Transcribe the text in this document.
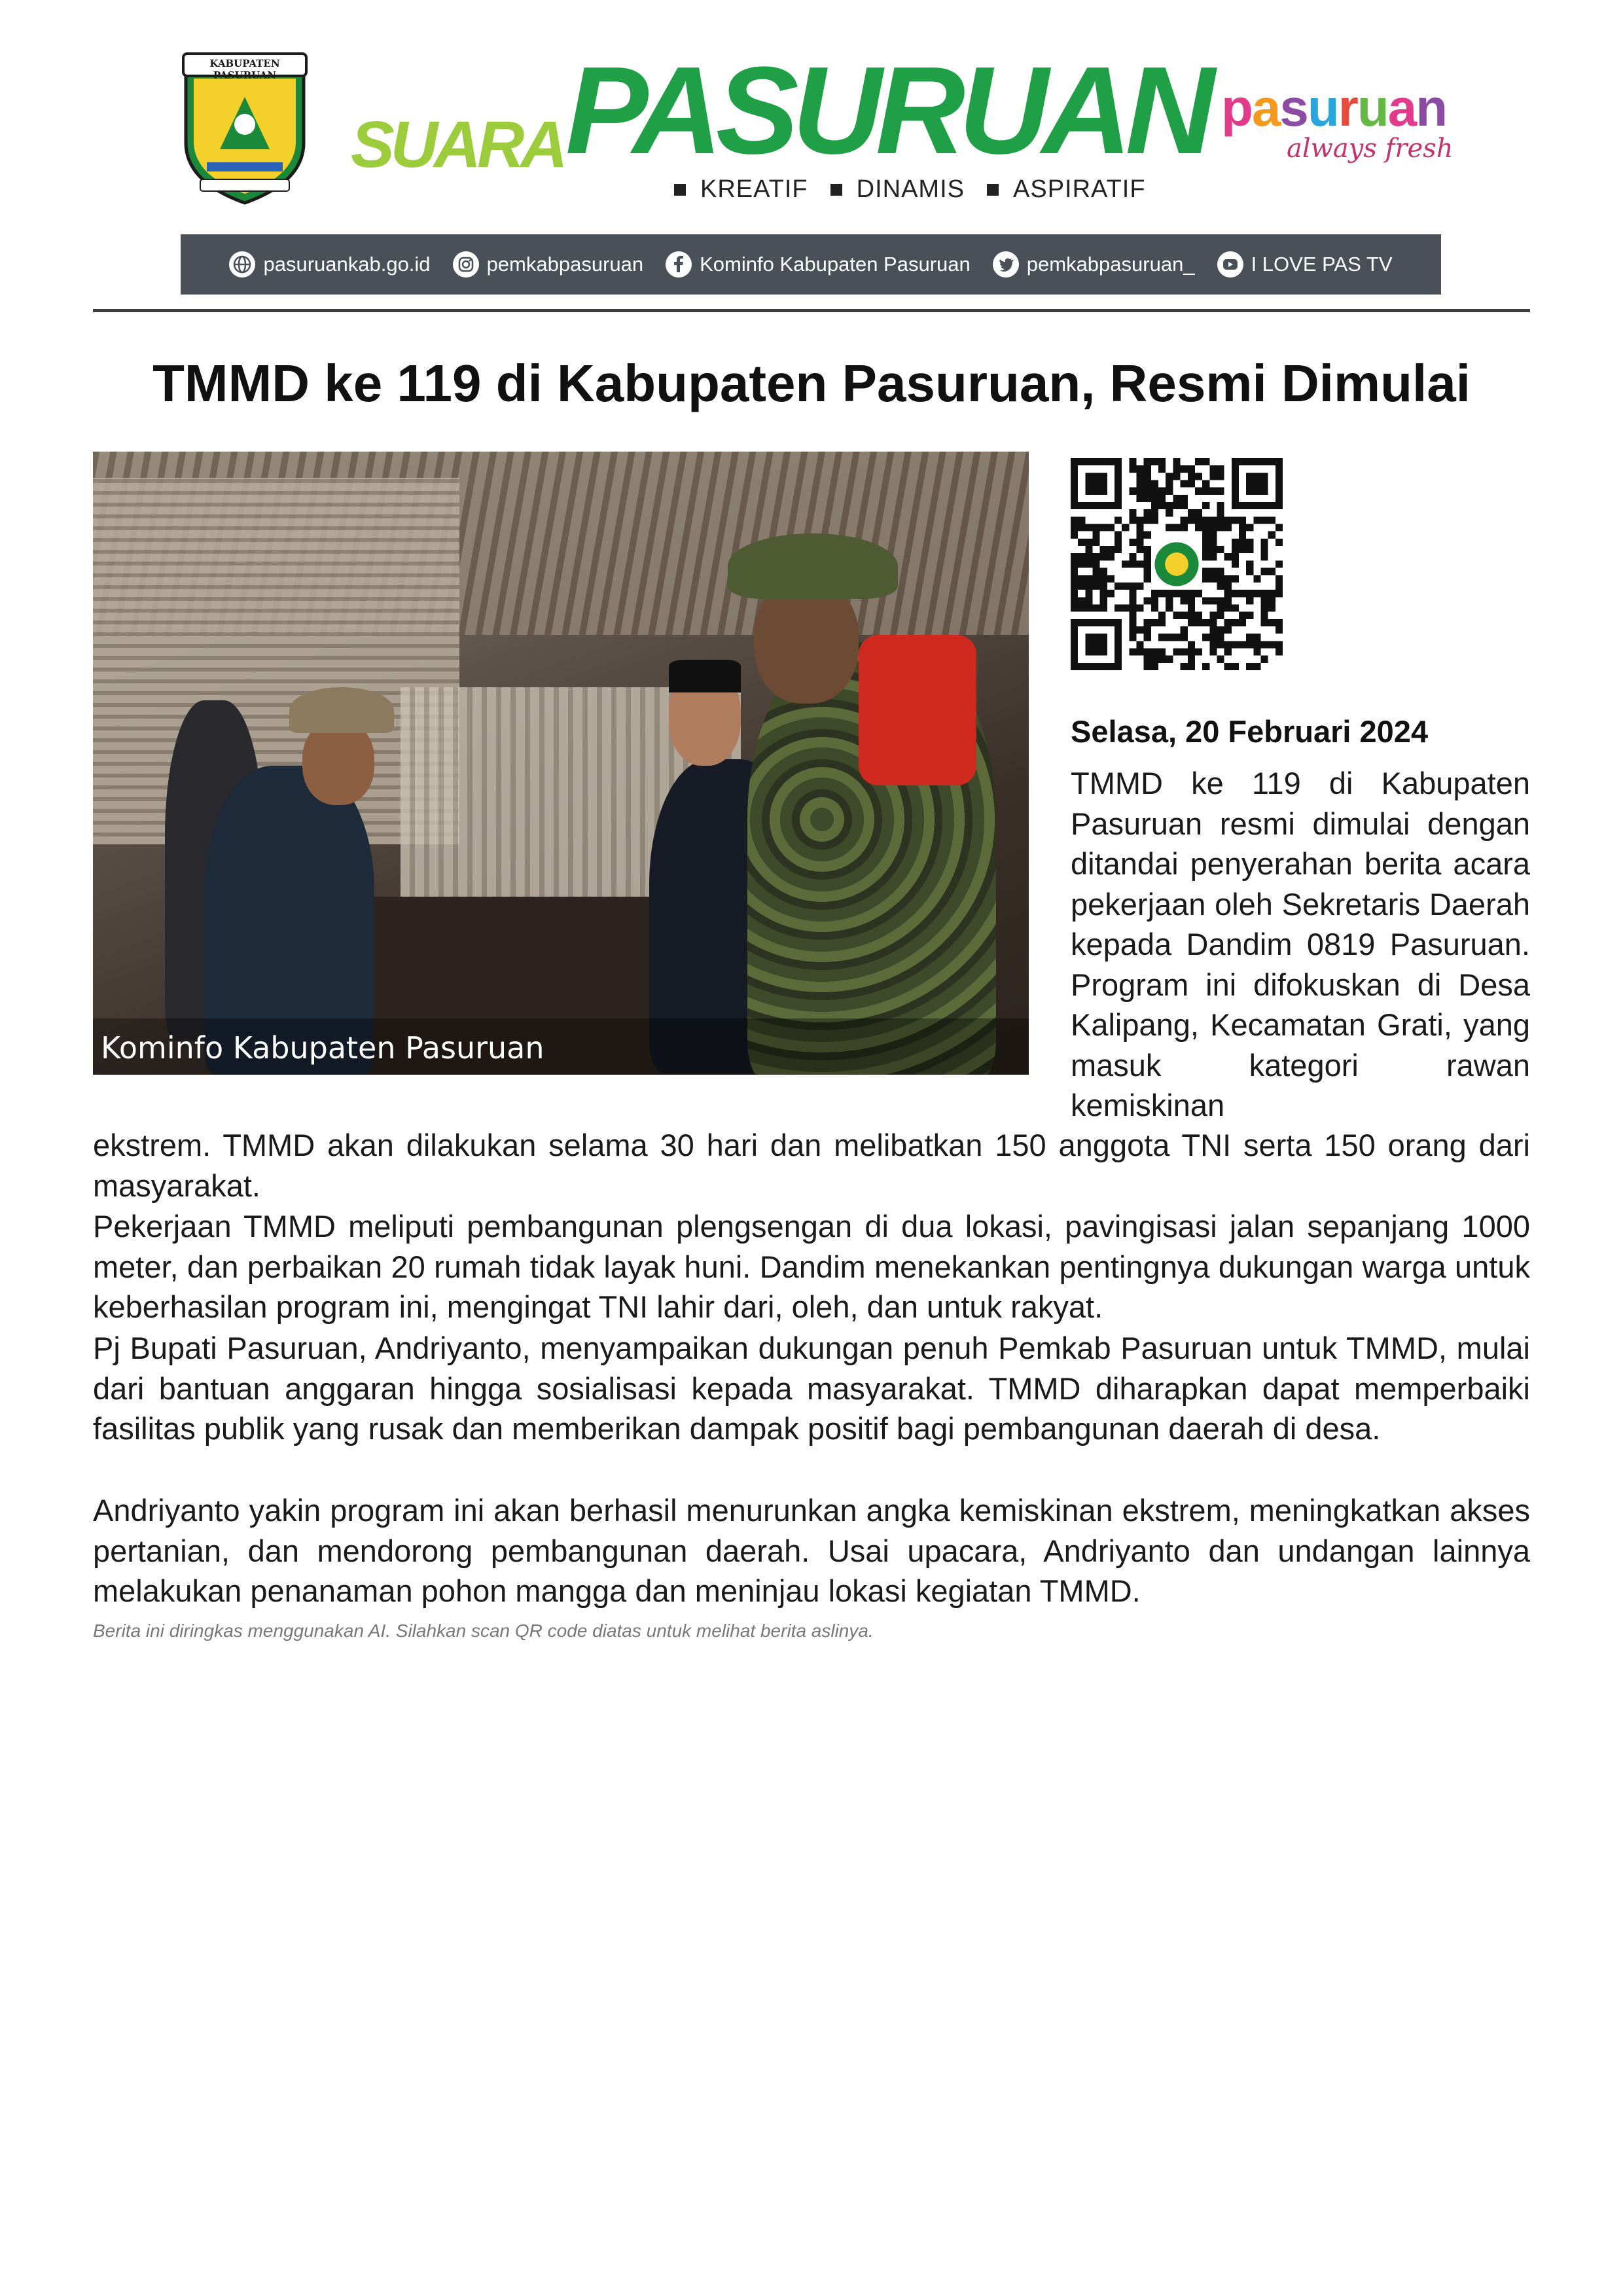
KABUPATEN PASURUAN
SUARA PASURUAN
KREATIF	DINAMIS	ASPIRATIF
pasuruan
always fresh
pasuruankab.go.id	pemkabpasuruan	Kominfo Kabupaten Pasuruan	pemkabpasuruan_	I LOVE PAS TV
TMMD ke 119 di Kabupaten Pasuruan, Resmi Dimulai
Kominfo Kabupaten Pasuruan
Selasa, 20 Februari 2024

TMMD ke 119 di Kabupaten Pasuruan resmi dimulai dengan ditandai penyerahan berita acara pekerjaan oleh Sekretaris Daerah kepada Dandim 0819 Pasuruan. Program ini difokuskan di Desa Kalipang, Kecamatan Grati, yang masuk kategori rawan kemiskinan

ekstrem. TMMD akan dilakukan selama 30 hari dan melibatkan 150 anggota TNI serta 150 orang dari masyarakat.

Pekerjaan TMMD meliputi pembangunan plengsengan di dua lokasi, pavingisasi jalan sepanjang 1000 meter, dan perbaikan 20 rumah tidak layak huni. Dandim menekankan pentingnya dukungan warga untuk keberhasilan program ini, mengingat TNI lahir dari, oleh, dan untuk rakyat.

Pj Bupati Pasuruan, Andriyanto, menyampaikan dukungan penuh Pemkab Pasuruan untuk TMMD, mulai dari bantuan anggaran hingga sosialisasi kepada masyarakat. TMMD diharapkan dapat memperbaiki fasilitas publik yang rusak dan memberikan dampak positif bagi pembangunan daerah di desa.

Andriyanto yakin program ini akan berhasil menurunkan angka kemiskinan ekstrem, meningkatkan akses pertanian, dan mendorong pembangunan daerah. Usai upacara, Andriyanto dan undangan lainnya melakukan penanaman pohon mangga dan meninjau lokasi kegiatan TMMD.

Berita ini diringkas menggunakan AI. Silahkan scan QR code diatas untuk melihat berita aslinya.
